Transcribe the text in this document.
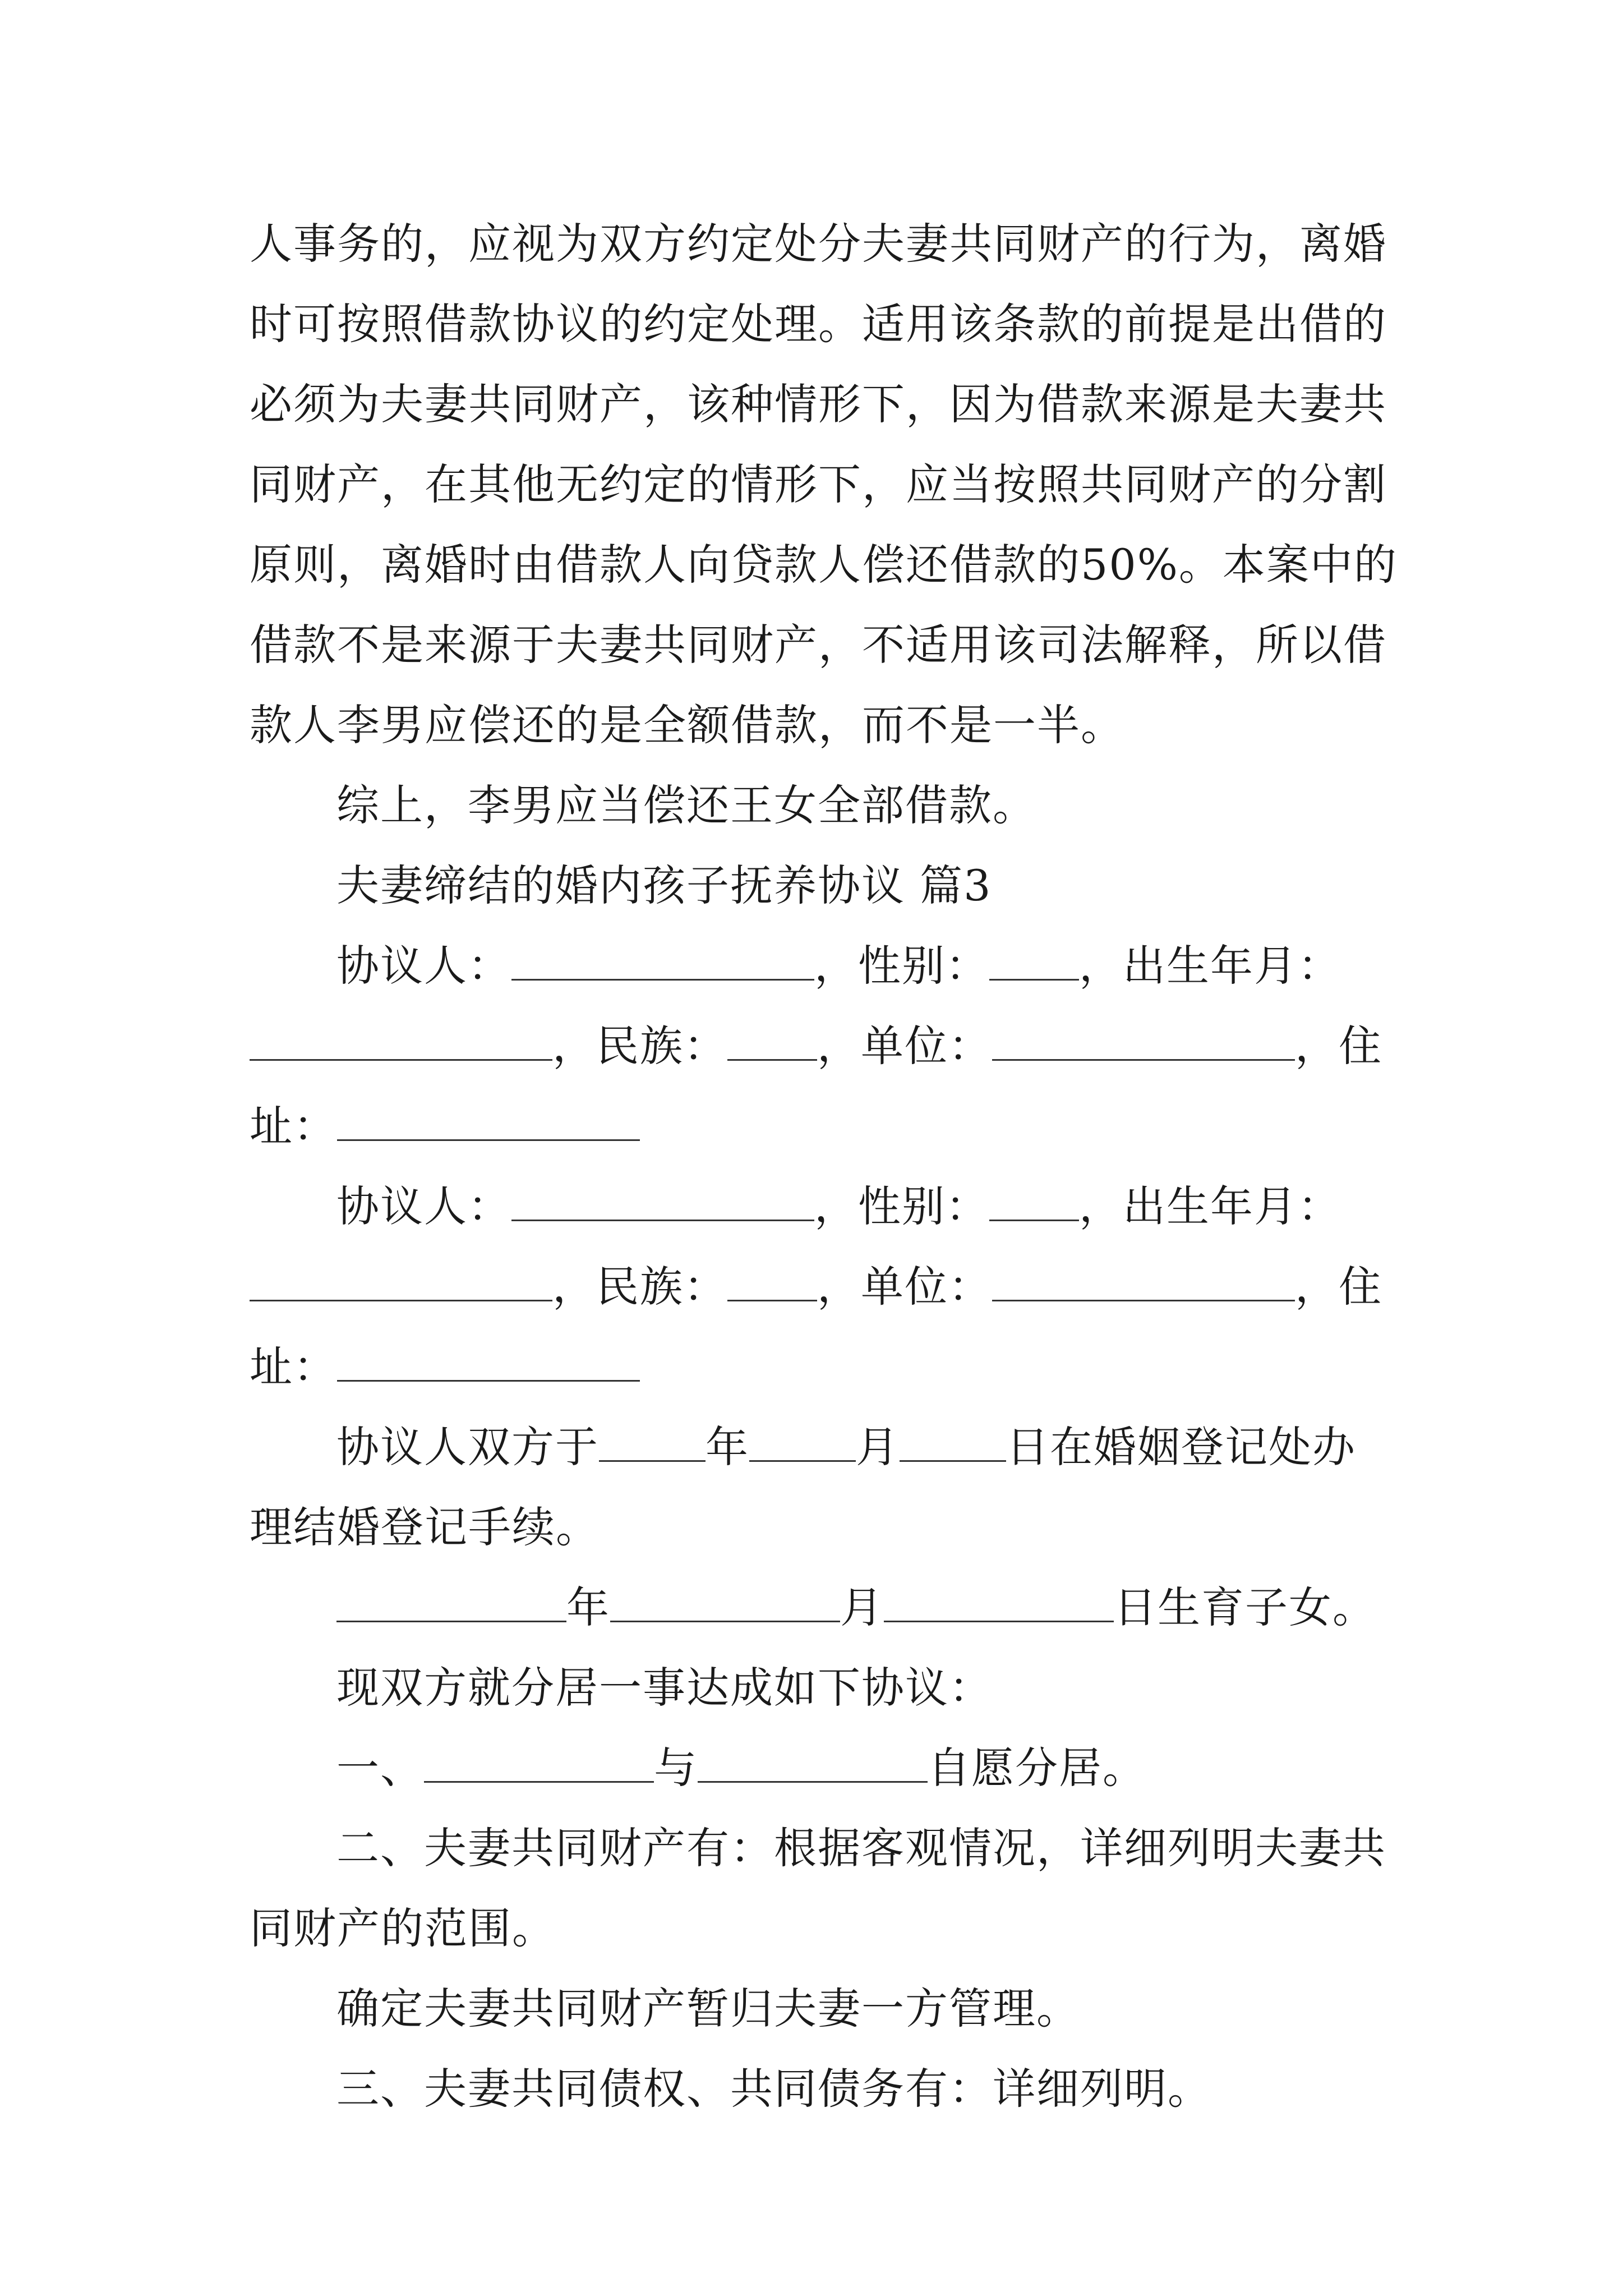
人事务的，应视为双方约定处分夫妻共同财产的行为，离婚
时可按照借款协议的约定处理。适用该条款的前提是出借的
必须为夫妻共同财产，该种情形下，因为借款来源是夫妻共
同财产，在其他无约定的情形下，应当按照共同财产的分割
原则，离婚时由借款人向贷款人偿还借款的50%。本案中的
借款不是来源于夫妻共同财产，不适用该司法解释，所以借
款人李男应偿还的是全额借款，而不是一半。
综上，李男应当偿还王女全部借款。
夫妻缔结的婚内孩子抚养协议 篇3
协议人：	，性别： ，出生年月：
，民族： ，单位：	，住
址：
协议人：	，性别： ，出生年月：
，民族： ，单位：	，住
址：
协议人双方于	年	月	日在婚姻登记处办
理结婚登记手续。
年	月	日生育子女。
现双方就分居一事达成如下协议：
一、	与	自愿分居。
二、夫妻共同财产有：根据客观情况，详细列明夫妻共
同财产的范围。
确定夫妻共同财产暂归夫妻一方管理。
三、夫妻共同债权、共同债务有：详细列明。
